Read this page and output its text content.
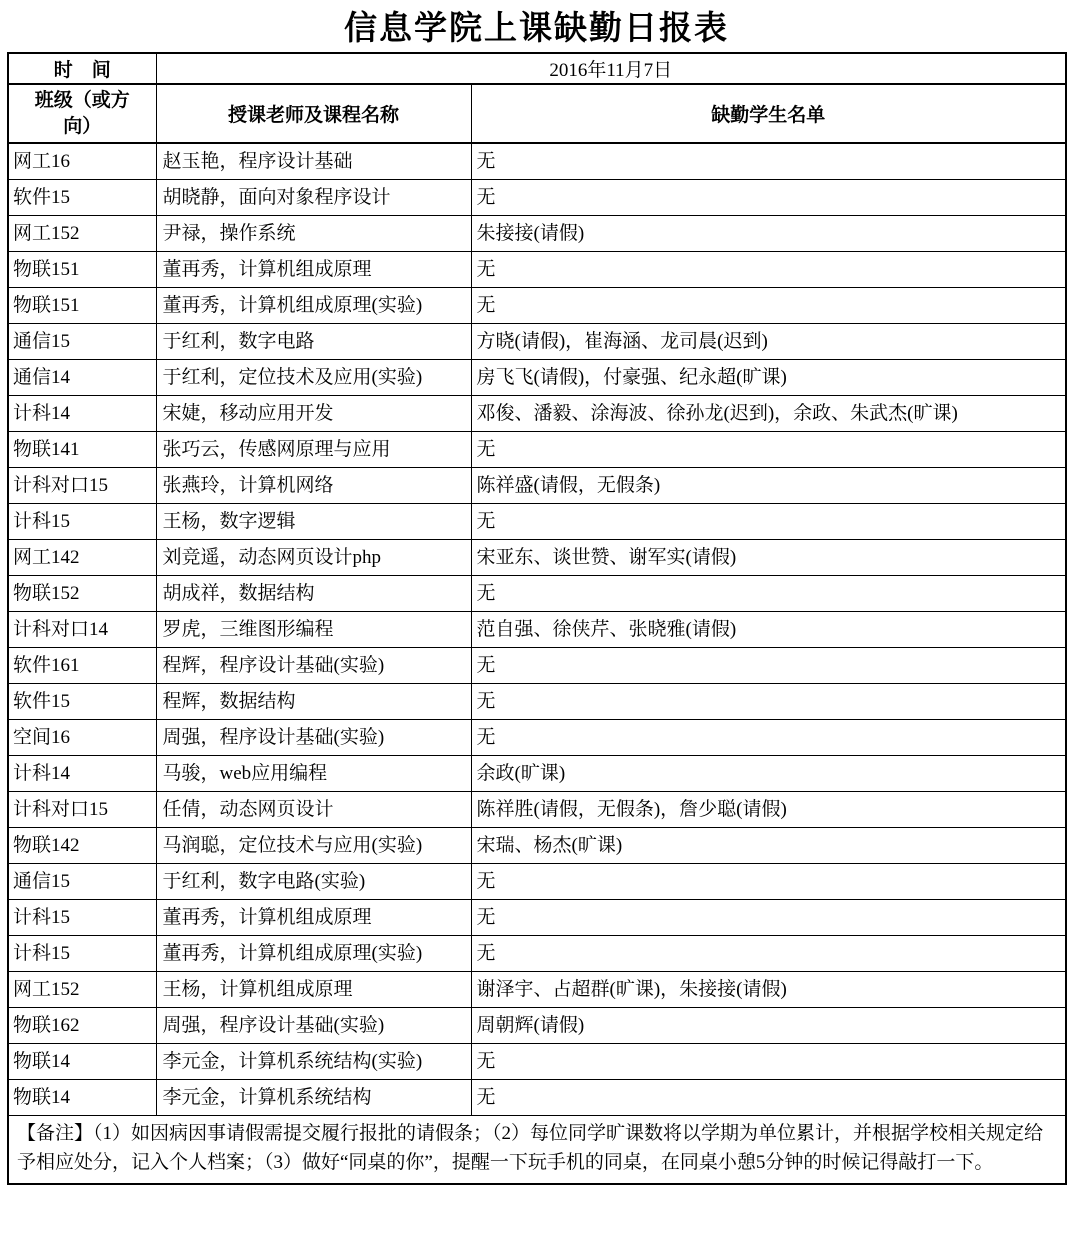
信息学院上课缺勤日报表
时　间	2016年11月7日	
班级（或方向）	授课老师及课程名称	缺勤学生名单
网工16	赵玉艳，程序设计基础	无
软件15	胡晓静，面向对象程序设计	无
网工152	尹禄，操作系统	朱接接(请假)
物联151	董再秀，计算机组成原理	无
物联151	董再秀，计算机组成原理(实验)	无
通信15	于红利，数字电路	方晓(请假)，崔海涵、龙司晨(迟到)
通信14	于红利，定位技术及应用(实验)	房飞飞(请假)，付豪强、纪永超(旷课)
计科14	宋婕，移动应用开发	邓俊、潘毅、涂海波、徐孙龙(迟到)，余政、朱武杰(旷课)
物联141	张巧云，传感网原理与应用	无
计科对口15	张燕玲，计算机网络	陈祥盛(请假，无假条)
计科15	王杨，数字逻辑	无
网工142	刘竞遥，动态网页设计php	宋亚东、谈世赞、谢军实(请假)
物联152	胡成祥，数据结构	无
计科对口14	罗虎，三维图形编程	范自强、徐侠芹、张晓雅(请假)
软件161	程辉，程序设计基础(实验)	无
软件15	程辉，数据结构	无
空间16	周强，程序设计基础(实验)	无
计科14	马骏，web应用编程	余政(旷课)
计科对口15	任倩，动态网页设计	陈祥胜(请假，无假条)，詹少聪(请假)
物联142	马润聪，定位技术与应用(实验)	宋瑞、杨杰(旷课)
通信15	于红利，数字电路(实验)	无
计科15	董再秀，计算机组成原理	无
计科15	董再秀，计算机组成原理(实验)	无
网工152	王杨，计算机组成原理	谢泽宇、占超群(旷课)，朱接接(请假)
物联162	周强，程序设计基础(实验)	周朝辉(请假)
物联14	李元金，计算机系统结构(实验)	无
物联14	李元金，计算机系统结构	无
【备注】（1）如因病因事请假需提交履行报批的请假条；（2）每位同学旷课数将以学期为单位累计，并根据学校相关规定给予相应处分，记入个人档案；（3）做好“同桌的你”，提醒一下玩手机的同桌，在同桌小憩5分钟的时候记得敲打一下。		
